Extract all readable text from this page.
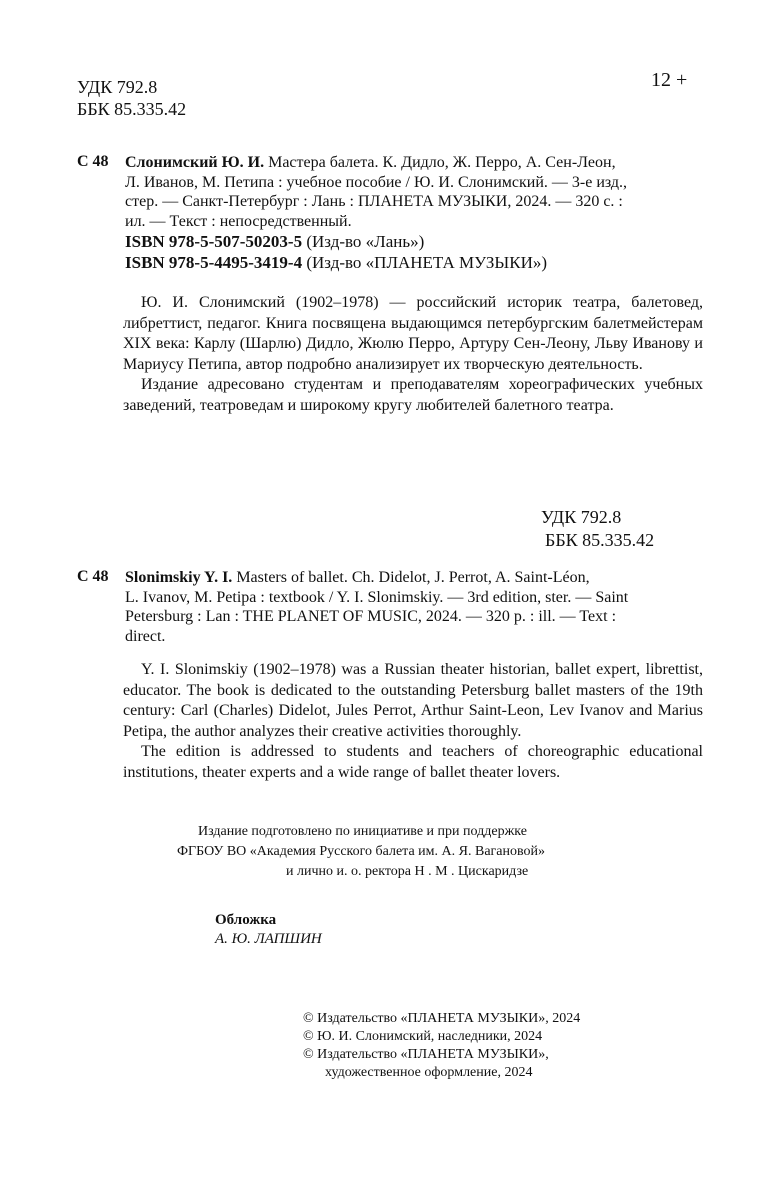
УДК 792.8
ББК 85.335.42
12 +
С 48 Слонимский Ю. И. Мастера балета. К. Дидло, Ж. Перро, А. Сен-Леон,
Л. Иванов, М. Петипа : учебное пособие / Ю. И. Слонимский. — 3-е изд.,
стер. — Санкт-Петербург : Лань : ПЛАНЕТА МУЗЫКИ, 2024. — 320 с. :
ил. — Текст : непосредственный.
ISBN 978-5-507-50203-5 (Изд-во «Лань»)
ISBN 978-5-4495-3419-4 (Изд-во «ПЛАНЕТА МУЗЫКИ»)

Ю. И. Слонимский (1902–1978) — российский историк театра, балетовед, либреттист, педагог. Книга посвящена выдающимся петербургским балетмейстерам XIX века: Карлу (Шарлю) Дидло, Жюлю Перро, Артуру Сен-Леону, Льву Иванову и Мариусу Петипа, автор подробно анализирует их творческую деятельность.

Издание адресовано студентам и преподавателям хореографических учебных заведений, театроведам и широкому кругу любителей балетного театра.

УДК 792.8
ББК 85.335.42
С 48 Slonimskiy Y. I. Masters of ballet. Ch. Didelot, J. Perrot, A. Saint-Léon,
L. Ivanov, M. Petipa : textbook / Y. I. Slonimskiy. — 3rd edition, ster. — Saint
Petersburg : Lan : THE PLANET OF MUSIC, 2024. — 320 p. : ill. — Text :
direct.

Y. I. Slonimskiy (1902–1978) was a Russian theater historian, ballet expert, librettist, educator. The book is dedicated to the outstanding Petersburg ballet masters of the 19th century: Carl (Charles) Didelot, Jules Perrot, Arthur Saint-Leon, Lev Ivanov and Marius Petipa, the author analyzes their creative activities thoroughly.

The edition is addressed to students and teachers of choreographic educational institutions, theater experts and a wide range of ballet theater lovers.

Издание подготовлено по инициативе и при поддержке
ФГБОУ ВО «Академия Русского балета им. А. Я. Вагановой»
и лично и. о. ректора Н . М . Цискаридзе
Обложка
А. Ю. ЛАПШИН
© Издательство «ПЛАНЕТА МУЗЫКИ», 2024
© Ю. И. Слонимский, наследники, 2024
© Издательство «ПЛАНЕТА МУЗЫКИ»,
художественное оформление, 2024
